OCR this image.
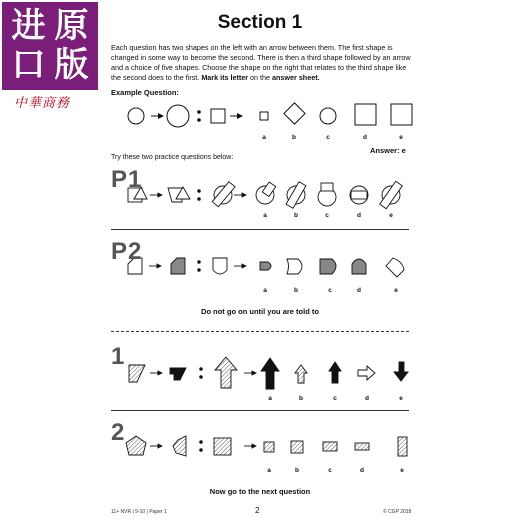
进 原
口 版
中華商務
Section 1
Each question has two shapes on the left with an arrow between them. The first shape is changed in some way to become the second. There is then a third shape followed by an arrow and a choice of five shapes. Choose the shape on the right that relates to the third shape like the second does to the first. Mark its letter on the answer sheet.
Example Question:
a	b	c	d	e
Answer: e
Try these two practice questions below:
P1
a	b	c	d	e
P2
a	b	c	d	e
Do not go on until you are told to
1
a	b	c	d	e
2
a	b	c	d	e
Now go to the next question
11+ NVR | 9-10 | Paper 1	2	© CGP 2018
